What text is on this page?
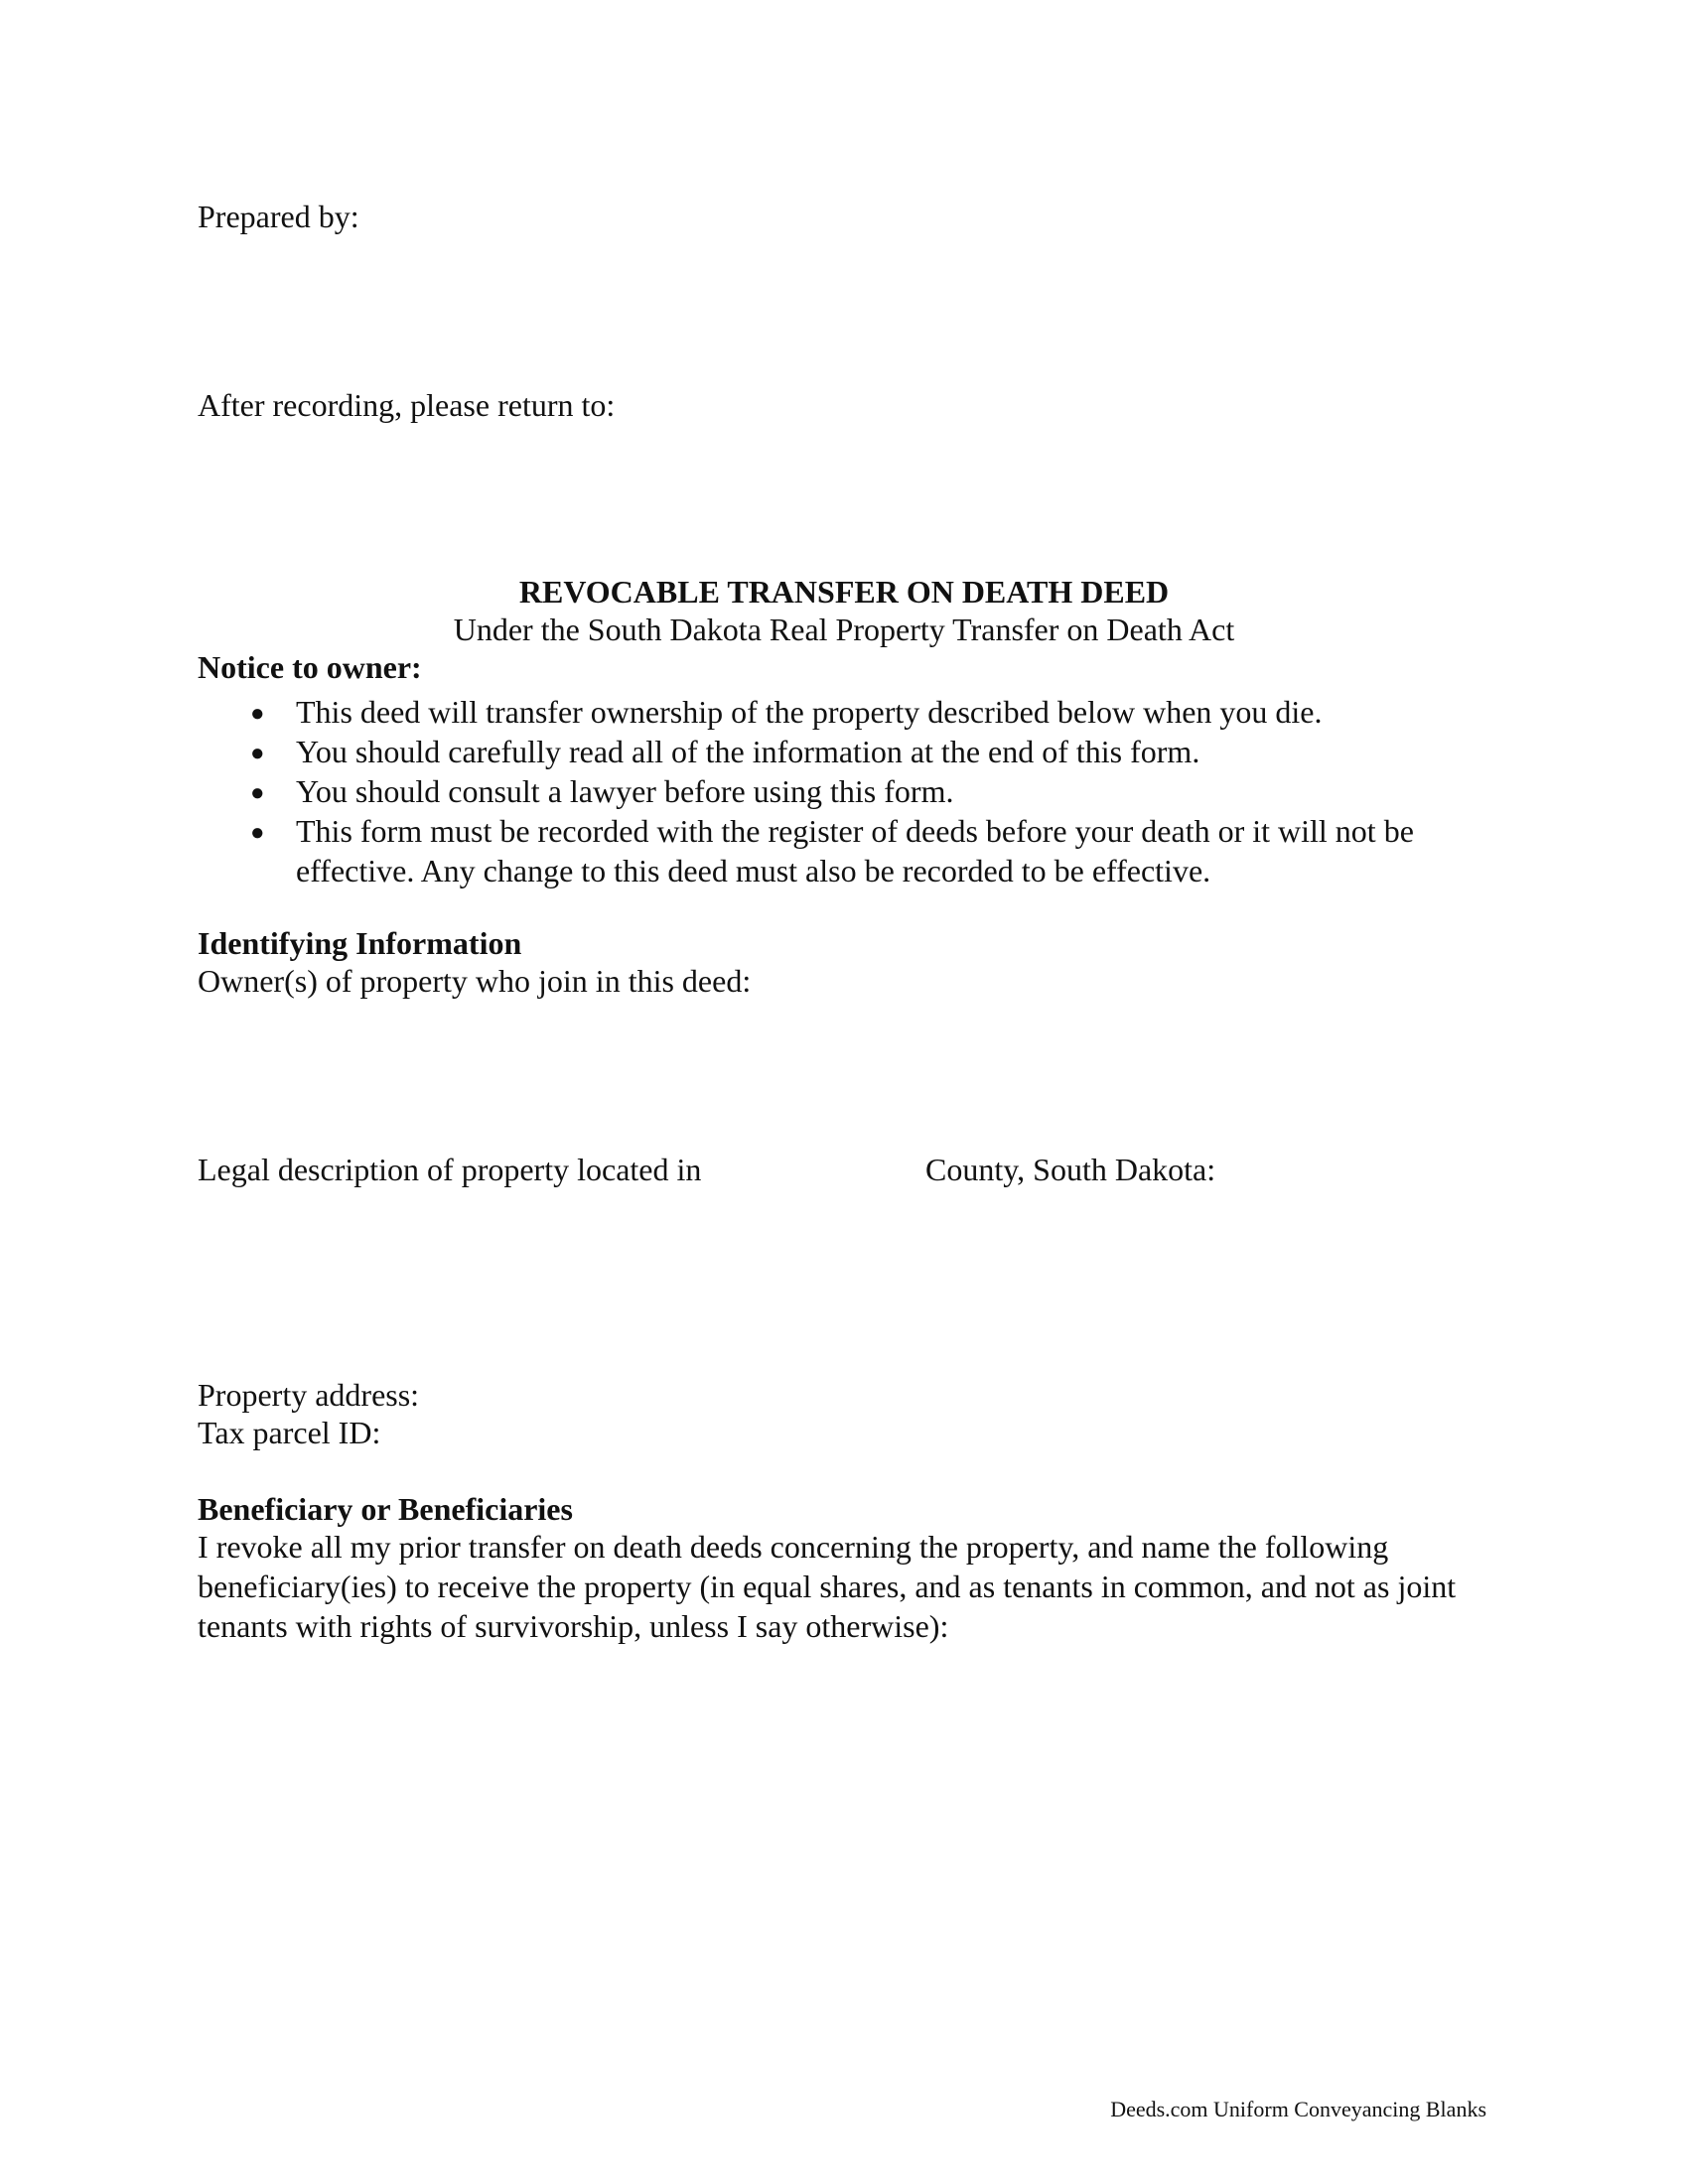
Prepared by:
After recording, please return to:
REVOCABLE TRANSFER ON DEATH DEED
Under the South Dakota Real Property Transfer on Death Act
Notice to owner:
● This deed will transfer ownership of the property described below when you die.
● You should carefully read all of the information at the end of this form.
● You should consult a lawyer before using this form.
● This form must be recorded with the register of deeds before your death or it will not be effective. Any change to this deed must also be recorded to be effective.
Identifying Information
Owner(s) of property who join in this deed:
Legal description of property located in	County, South Dakota:
Property address:
Tax parcel ID:
Beneficiary or Beneficiaries
I revoke all my prior transfer on death deeds concerning the property, and name the following beneficiary(ies) to receive the property (in equal shares, and as tenants in common, and not as joint tenants with rights of survivorship, unless I say otherwise):
Deeds.com Uniform Conveyancing Blanks
